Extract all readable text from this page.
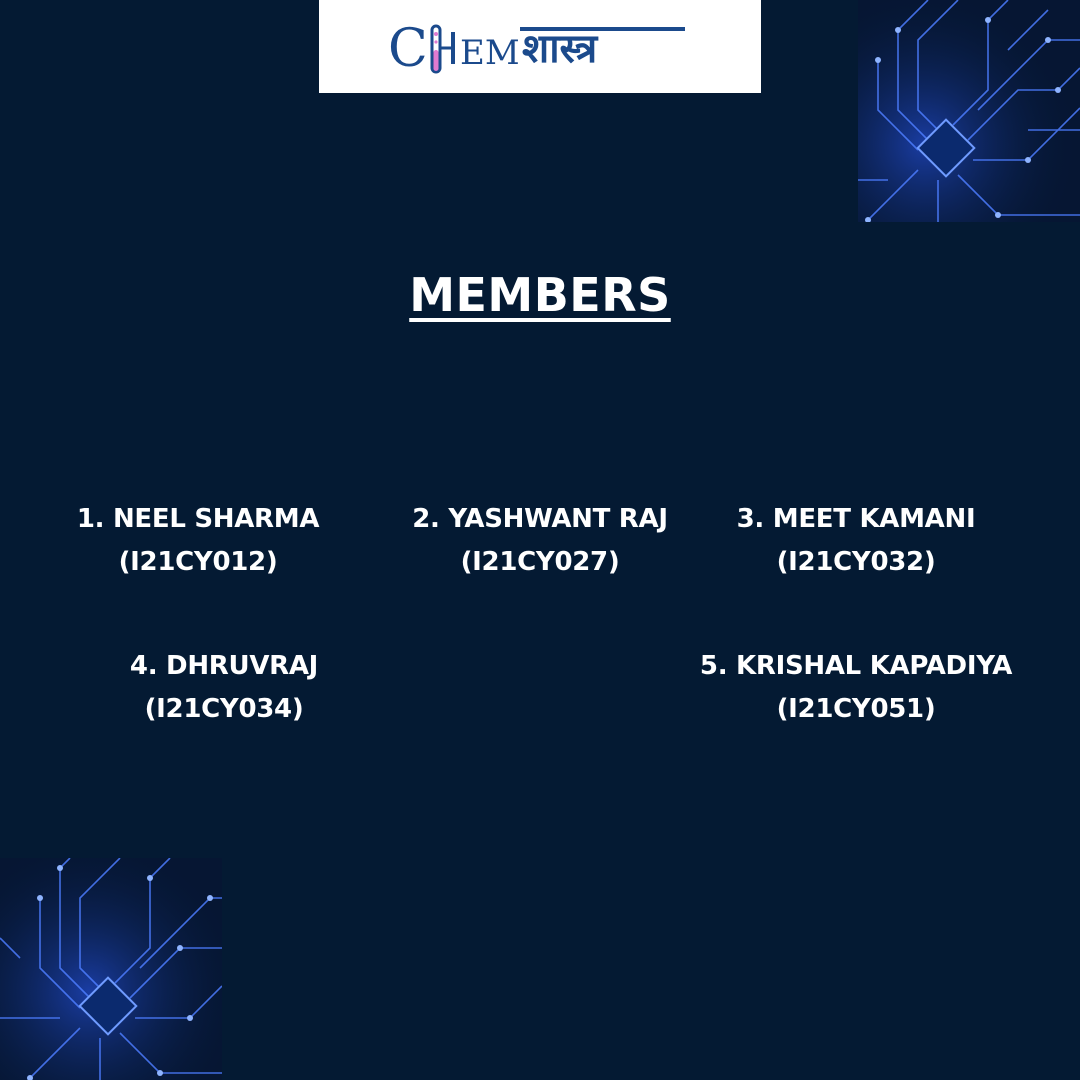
C EM शास्त्र
MEMBERS
1. NEEL SHARMA
(I21CY012)
2. YASHWANT RAJ
(I21CY027)
3. MEET KAMANI
(I21CY032)
4. DHRUVRAJ
(I21CY034)
5. KRISHAL KAPADIYA
(I21CY051)
